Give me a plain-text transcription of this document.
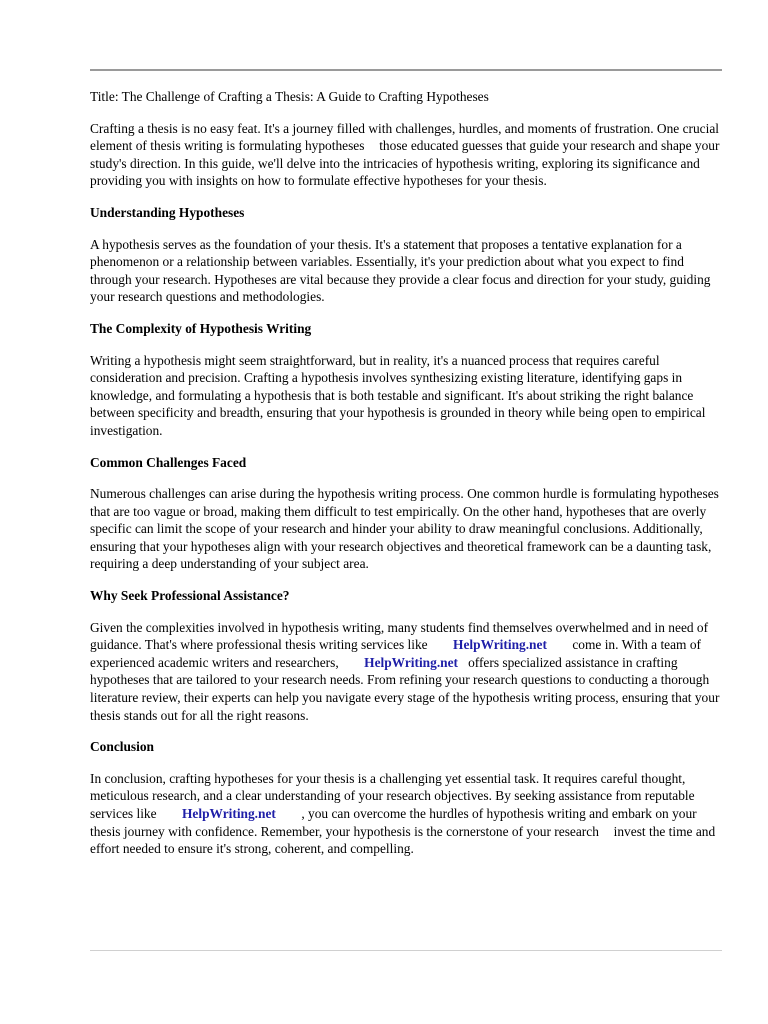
Title: The Challenge of Crafting a Thesis: A Guide to Crafting Hypotheses

Crafting a thesis is no easy feat. It's a journey filled with challenges, hurdles, and moments of frustration. One crucial element of thesis writing is formulating hypotheses those educated guesses that guide your research and shape your study's direction. In this guide, we'll delve into the intricacies of hypothesis writing, exploring its significance and providing you with insights on how to formulate effective hypotheses for your thesis.

Understanding Hypotheses

A hypothesis serves as the foundation of your thesis. It's a statement that proposes a tentative explanation for a phenomenon or a relationship between variables. Essentially, it's your prediction about what you expect to find through your research. Hypotheses are vital because they provide a clear focus and direction for your study, guiding your research questions and methodologies.

The Complexity of Hypothesis Writing

Writing a hypothesis might seem straightforward, but in reality, it's a nuanced process that requires careful consideration and precision. Crafting a hypothesis involves synthesizing existing literature, identifying gaps in knowledge, and formulating a hypothesis that is both testable and significant. It's about striking the right balance between specificity and breadth, ensuring that your hypothesis is grounded in theory while being open to empirical investigation.

Common Challenges Faced

Numerous challenges can arise during the hypothesis writing process. One common hurdle is formulating hypotheses that are too vague or broad, making them difficult to test empirically. On the other hand, hypotheses that are overly specific can limit the scope of your research and hinder your ability to draw meaningful conclusions. Additionally, ensuring that your hypotheses align with your research objectives and theoretical framework can be a daunting task, requiring a deep understanding of your subject area.

Why Seek Professional Assistance?

Given the complexities involved in hypothesis writing, many students find themselves overwhelmed and in need of guidance. That's where professional thesis writing services like HelpWriting.net come in. With a team of experienced academic writers and researchers, HelpWriting.net offers specialized assistance in crafting hypotheses that are tailored to your research needs. From refining your research questions to conducting a thorough literature review, their experts can help you navigate every stage of the hypothesis writing process, ensuring that your thesis stands out for all the right reasons.

Conclusion

In conclusion, crafting hypotheses for your thesis is a challenging yet essential task. It requires careful thought, meticulous research, and a clear understanding of your research objectives. By seeking assistance from reputable services like HelpWriting.net , you can overcome the hurdles of hypothesis writing and embark on your thesis journey with confidence. Remember, your hypothesis is the cornerstone of your research invest the time and effort needed to ensure it's strong, coherent, and compelling.
